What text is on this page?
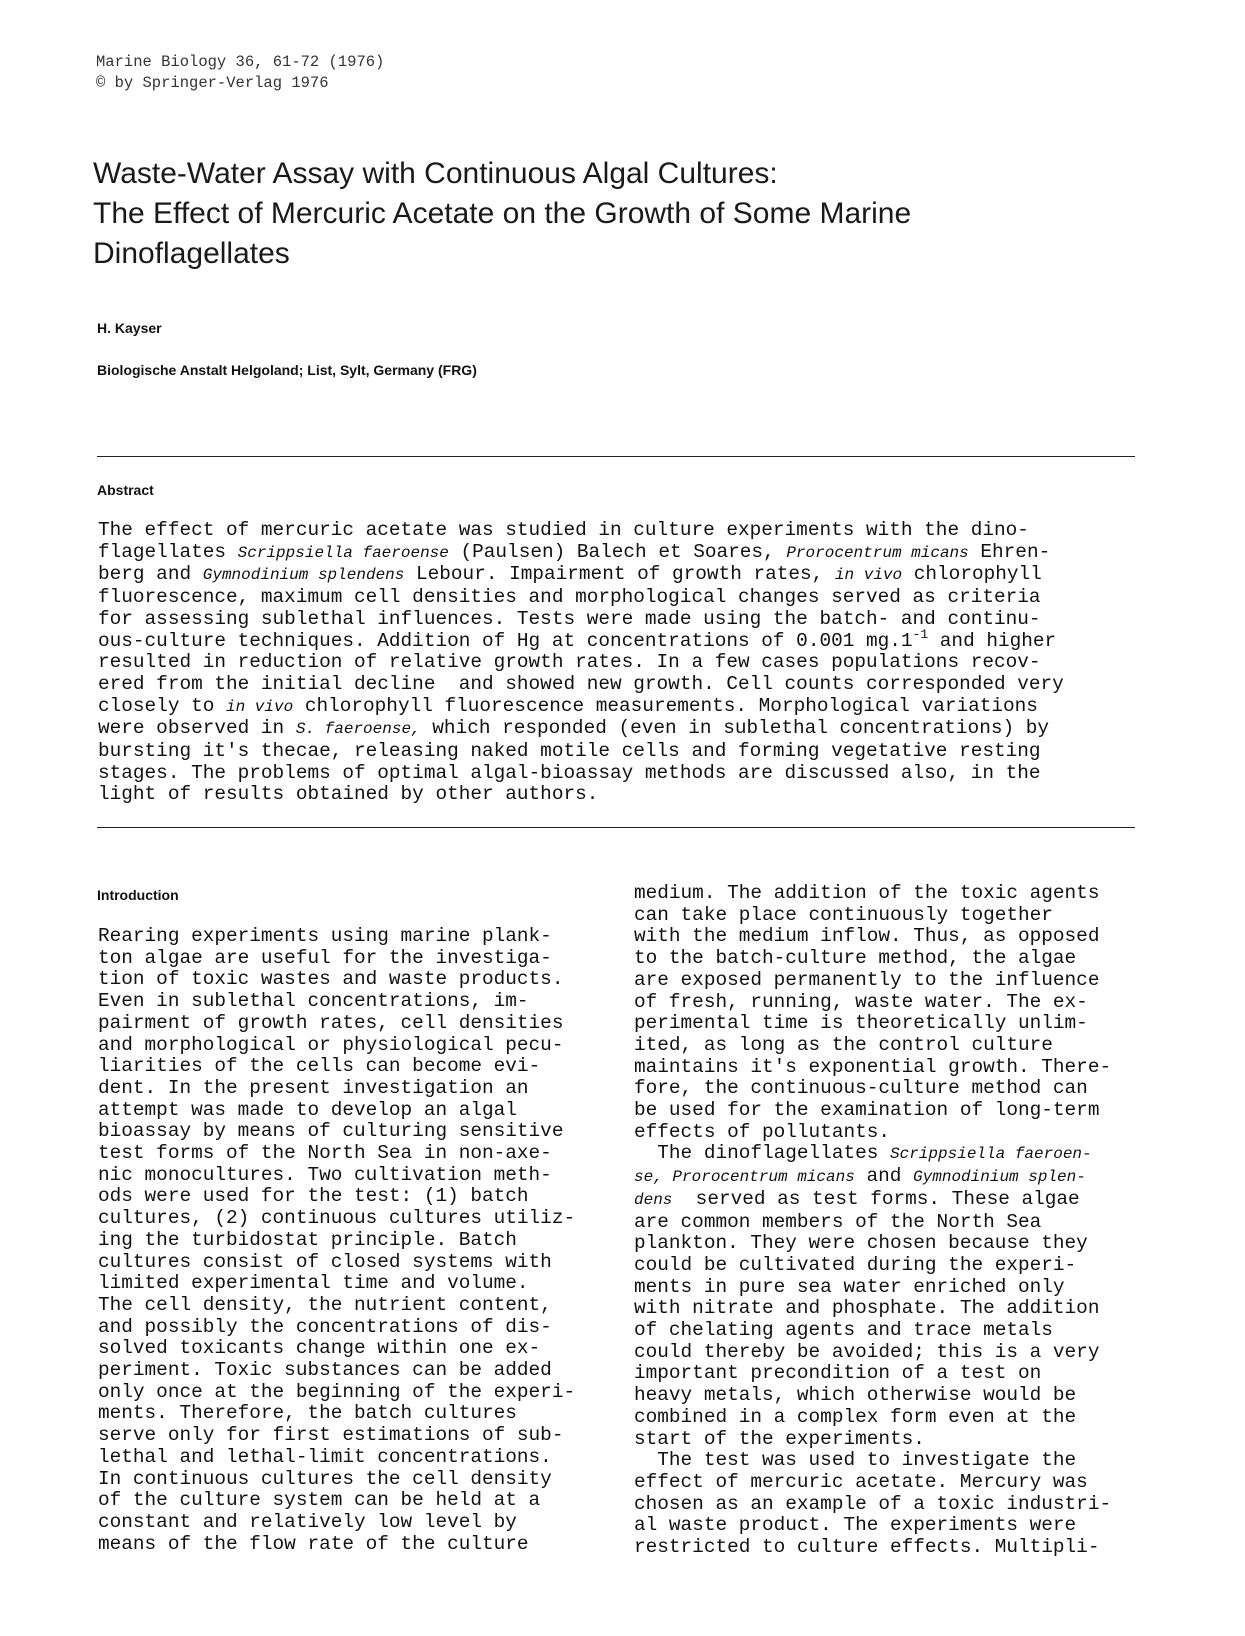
Marine Biology 36, 61-72 (1976)
© by Springer-Verlag 1976
Waste-Water Assay with Continuous Algal Cultures:
The Effect of Mercuric Acetate on the Growth of Some Marine
Dinoflagellates
H. Kayser
Biologische Anstalt Helgoland; List, Sylt, Germany (FRG)
Abstract
The effect of mercuric acetate was studied in culture experiments with the dino-
flagellates Scrippsiella faeroense (Paulsen) Balech et Soares, Prorocentrum micans Ehren-
berg and Gymnodinium splendens Lebour. Impairment of growth rates, in vivo chlorophyll
fluorescence, maximum cell densities and morphological changes served as criteria
for assessing sublethal influences. Tests were made using the batch- and continu-
ous-culture techniques. Addition of Hg at concentrations of 0.001 $mg.1^{-1}$ and higher
resulted in reduction of relative growth rates. In a few cases populations recov-
ered from the initial decline  and showed new growth. Cell counts corresponded very
closely to in vivo chlorophyll fluorescence measurements. Morphological variations
were observed in S. faeroense, which responded (even in sublethal concentrations) by
bursting it's thecae, releasing naked motile cells and forming vegetative resting
stages. The problems of optimal algal-bioassay methods are discussed also, in the
light of results obtained by other authors.
Introduction
Rearing experiments using marine plank-
ton algae are useful for the investiga-
tion of toxic wastes and waste products.
Even in sublethal concentrations, im-
pairment of growth rates, cell densities
and morphological or physiological pecu-
liarities of the cells can become evi-
dent. In the present investigation an
attempt was made to develop an algal
bioassay by means of culturing sensitive
test forms of the North Sea in non-axe-
nic monocultures. Two cultivation meth-
ods were used for the test: (1) batch
cultures, (2) continuous cultures utiliz-
ing the turbidostat principle. Batch
cultures consist of closed systems with
limited experimental time and volume.
The cell density, the nutrient content,
and possibly the concentrations of dis-
solved toxicants change within one ex-
periment. Toxic substances can be added
only once at the beginning of the experi-
ments. Therefore, the batch cultures
serve only for first estimations of sub-
lethal and lethal-limit concentrations.
In continuous cultures the cell density
of the culture system can be held at a
constant and relatively low level by
means of the flow rate of the culture
medium. The addition of the toxic agents
can take place continuously together
with the medium inflow. Thus, as opposed
to the batch-culture method, the algae
are exposed permanently to the influence
of fresh, running, waste water. The ex-
perimental time is theoretically unlim-
ited, as long as the control culture
maintains it's exponential growth. There-
fore, the continuous-culture method can
be used for the examination of long-term
effects of pollutants.
The dinoflagellates Scrippsiella faeroen-
se, Prorocentrum micans and Gymnodinium splen-
dens  served as test forms. These algae
are common members of the North Sea
plankton. They were chosen because they
could be cultivated during the experi-
ments in pure sea water enriched only
with nitrate and phosphate. The addition
of chelating agents and trace metals
could thereby be avoided; this is a very
important precondition of a test on
heavy metals, which otherwise would be
combined in a complex form even at the
start of the experiments.
The test was used to investigate the
effect of mercuric acetate. Mercury was
chosen as an example of a toxic industri-
al waste product. The experiments were
restricted to culture effects. Multipli-
